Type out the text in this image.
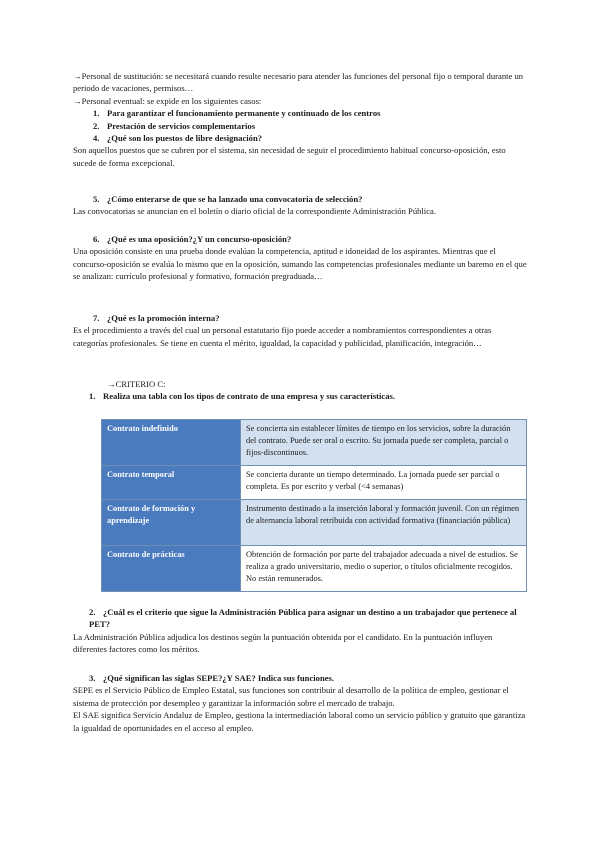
→Personal de sustitución: se necesitará cuando resulte necesario para atender las funciones del personal fijo o temporal durante un periodo de vacaciones, permisos…

→Personal eventual: se expide en los siguientes casos:

1. Para garantizar el funcionamiento permanente y continuado de los centros
2. Prestación de servicios complementarios
4. ¿Qué son los puestos de libre designación?

Son aquellos puestos que se cubren por el sistema, sin necesidad de seguir el procedimiento habitual concurso-oposición, esto sucede de forma excepcional.

5. ¿Cómo enterarse de que se ha lanzado una convocatoria de selección?

Las convocatorias se anuncian en el boletín o diario oficial de la correspondiente Administración Pública.

6. ¿Qué es una oposición?¿Y un concurso-oposición?

Una oposición consiste en una prueba donde evalúan la competencia, aptitud e idoneidad de los aspirantes. Mientras que el concurso-oposición se evalúa lo mismo que en la oposición, sumando las competencias profesionales mediante un baremo en el que se analizan: currículo profesional y formativo, formación pregraduada…

7. ¿Qué es la promoción interna?

Es el procedimiento a través del cual un personal estatutario fijo puede acceder a nombramientos correspondientes a otras categorías profesionales. Se tiene en cuenta el mérito, igualdad, la capacidad y publicidad, planificación, integración…

→CRITERIO C:
1. Realiza una tabla con los tipos de contrato de una empresa y sus características.
Contrato indefinido	Se concierta sin establecer límites de tiempo en los servicios, sobre la duración del contrato. Puede ser oral o escrito. Su jornada puede ser completa, parcial o fijos-discontinuos.
Contrato temporal	Se concierta durante un tiempo determinado. La jornada puede ser parcial o completa. Es por escrito y verbal (<4 semanas)
Contrato de formación y aprendizaje	Instrumento destinado a la inserción laboral y formación juvenil. Con un régimen de alternancia laboral retribuida con actividad formativa (financiación pública)
Contrato de prácticas	Obtención de formación por parte del trabajador adecuada a nivel de estudios. Se realiza a grado universitario, medio o superior, o títulos oficialmente recogidos. No están remunerados.
2. ¿Cuál es el criterio que sigue la Administración Pública para asignar un destino a un trabajador que pertenece al PET?

La Administración Pública adjudica los destinos según la puntuación obtenida por el candidato. En la puntuación influyen diferentes factores como los méritos.

3. ¿Qué significan las siglas SEPE?¿Y SAE? Indica sus funciones.

SEPE es el Servicio Público de Empleo Estatal, sus funciones son contribuir al desarrollo de la política de empleo, gestionar el sistema de protección por desempleo y garantizar la información sobre el mercado de trabajo.

El SAE significa Servicio Andaluz de Empleo, gestiona la intermediación laboral como un servicio público y gratuito que garantiza la igualdad de oportunidades en el acceso al empleo.
